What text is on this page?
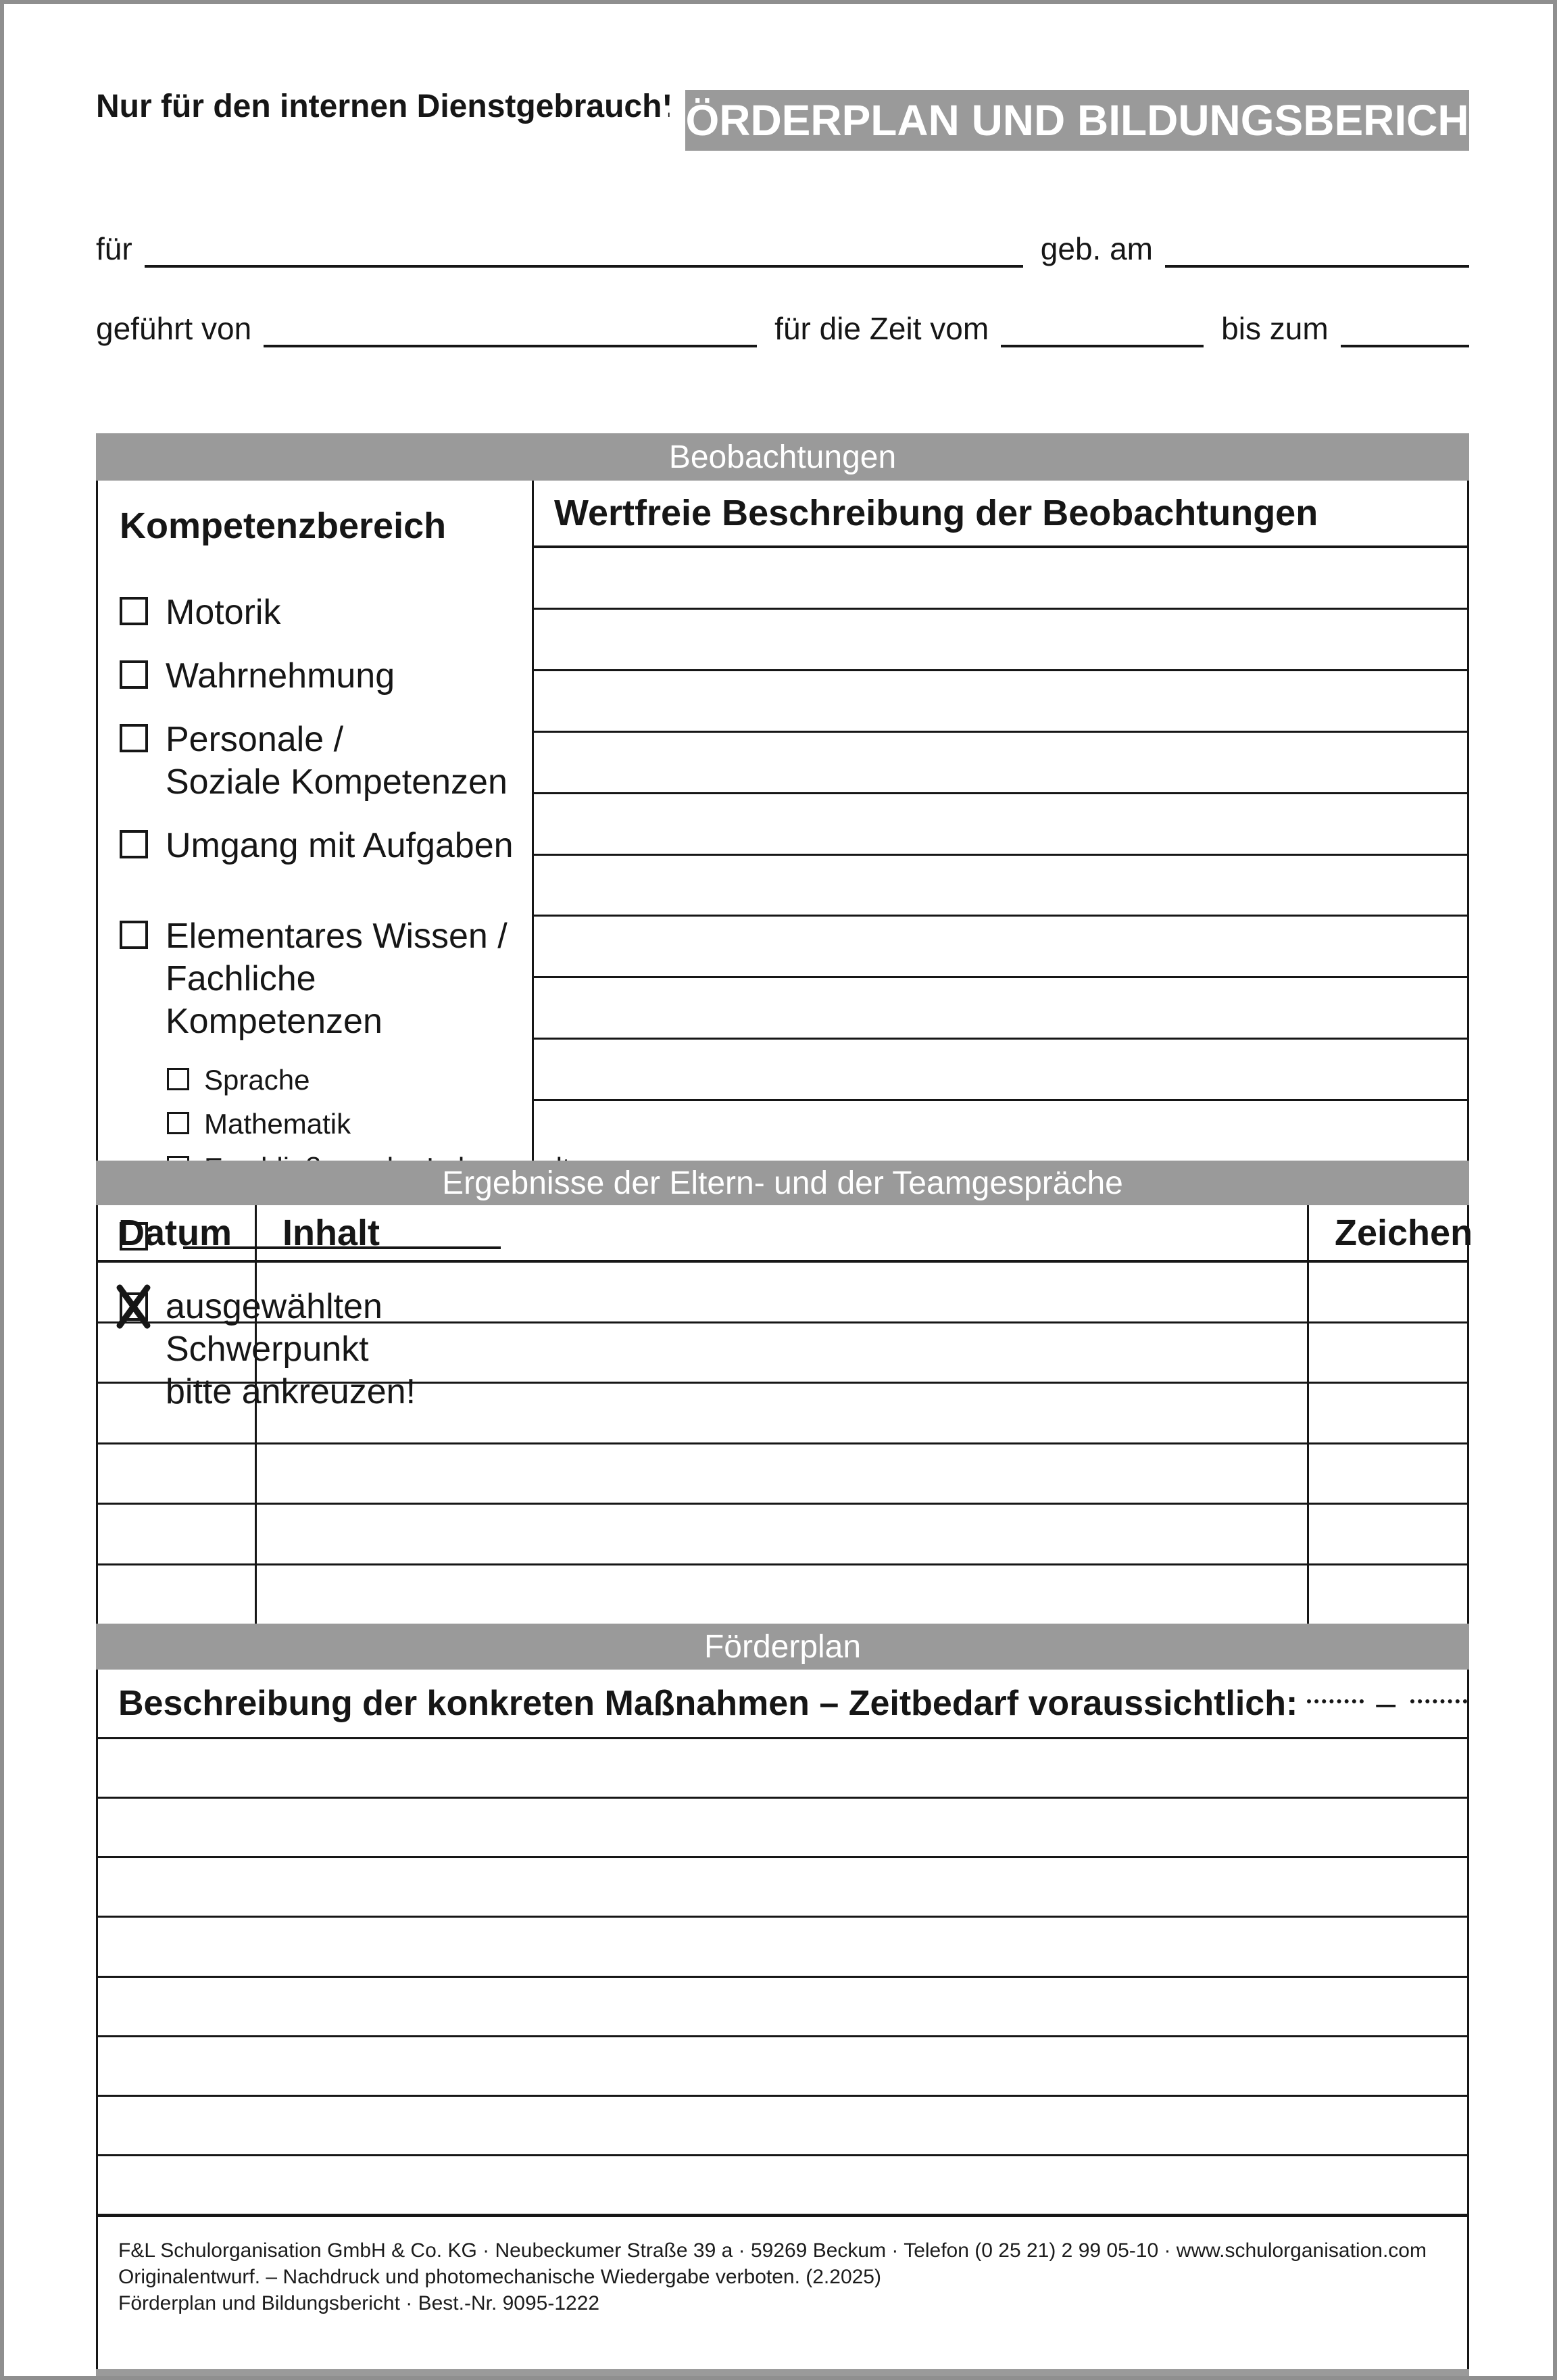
Nur für den internen Dienstgebrauch!
FÖRDERPLAN UND BILDUNGSBERICHT
für	geb. am
geführt von	für die Zeit vom	bis zum
Beobachtungen
Kompetenzbereich
Motorik
Wahrnehmung
Personale /
Soziale Kompetenzen
Umgang mit Aufgaben
Elementares Wissen /
Fachliche Kompetenzen
Sprache
Mathematik
ausgewählten Schwerpunkt
bitte ankreuzen!
Wertfreie Beschreibung der Beobachtungen
Ergebnisse der Eltern- und der Teamgespräche
Datum	Inhalt	Zeichen
Förderplan
Beschreibung der konkreten Maßnahmen – Zeitbedarf voraussichtlich: –
F&L Schulorganisation GmbH & Co. KG · Neubeckumer Straße 39 a · 59269 Beckum · Telefon (0 25 21) 2 99 05-10 · www.schulorganisation.com
Originalentwurf. – Nachdruck und photomechanische Wiedergabe verboten. (2.2025)
Förderplan und Bildungsbericht · Best.-Nr. 9095-1222
